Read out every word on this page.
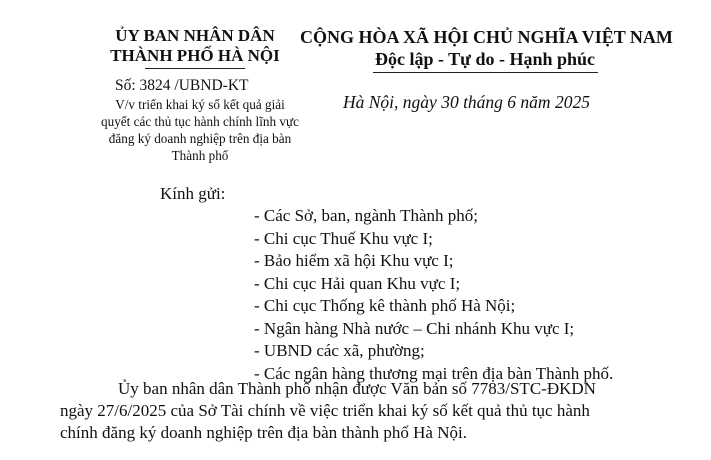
ỦY BAN NHÂN DÂN
THÀNH PHỐ HÀ NỘI
Số: 3824 /UBND-KT
V/v triển khai ký số kết quả giải
quyết các thủ tục hành chính lĩnh vực
đăng ký doanh nghiệp trên địa bàn
Thành phố
CỘNG HÒA XÃ HỘI CHỦ NGHĨA VIỆT NAM
Độc lập - Tự do - Hạnh phúc
Hà Nội, ngày 30 tháng 6 năm 2025
Kính gửi:
- Các Sở, ban, ngành Thành phố;
- Chi cục Thuế Khu vực I;
- Bảo hiểm xã hội Khu vực I;
- Chi cục Hải quan Khu vực I;
- Chi cục Thống kê thành phố Hà Nội;
- Ngân hàng Nhà nước – Chi nhánh Khu vực I;
- UBND các xã, phường;
- Các ngân hàng thương mại trên địa bàn Thành phố.
Ủy ban nhân dân Thành phố nhận được Văn bản số 7783/STC-ĐKDN
ngày 27/6/2025 của Sở Tài chính về việc triển khai ký số kết quả thủ tục hành
chính đăng ký doanh nghiệp trên địa bàn thành phố Hà Nội.
